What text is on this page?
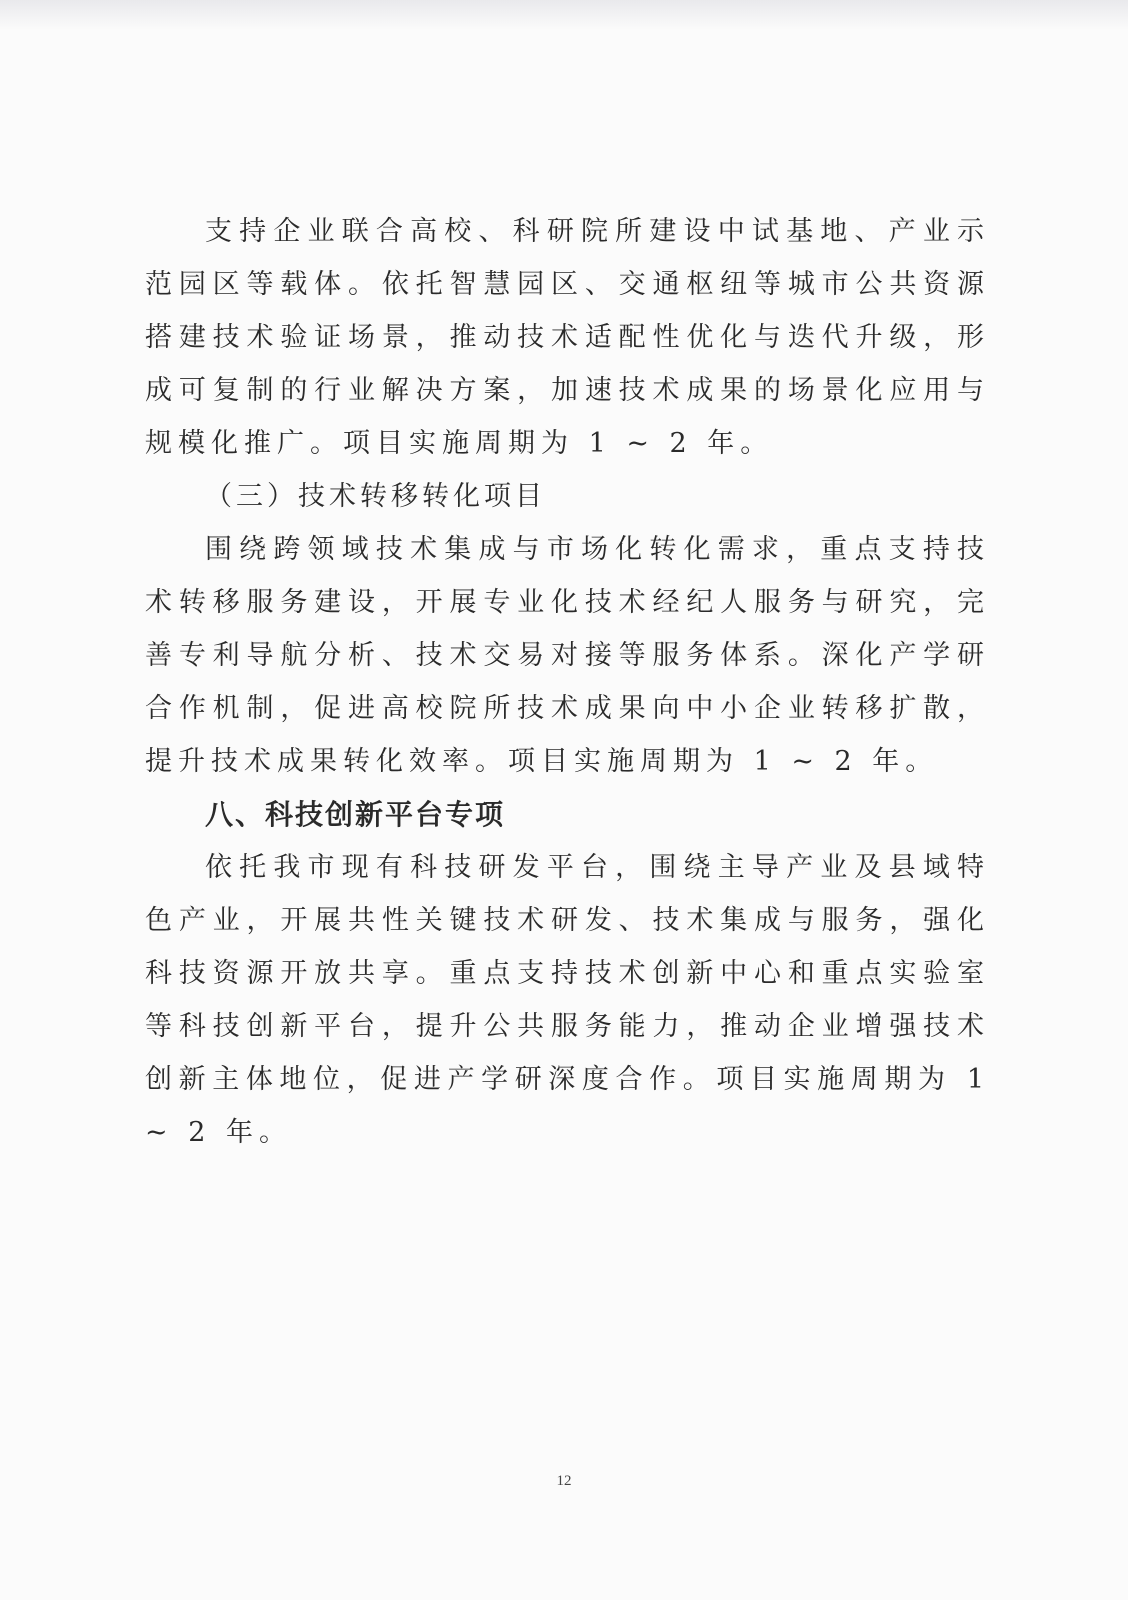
支持企业联合高校、科研院所建设中试基地、产业示范园区等载体。依托智慧园区、交通枢纽等城市公共资源搭建技术验证场景，推动技术适配性优化与迭代升级，形成可复制的行业解决方案，加速技术成果的场景化应用与规模化推广。项目实施周期为 1 ~ 2 年。

（三）技术转移转化项目

围绕跨领域技术集成与市场化转化需求，重点支持技术转移服务建设，开展专业化技术经纪人服务与研究，完善专利导航分析、技术交易对接等服务体系。深化产学研合作机制，促进高校院所技术成果向中小企业转移扩散，提升技术成果转化效率。项目实施周期为 1 ~ 2 年。

八、科技创新平台专项

依托我市现有科技研发平台，围绕主导产业及县域特色产业，开展共性关键技术研发、技术集成与服务，强化科技资源开放共享。重点支持技术创新中心和重点实验室等科技创新平台，提升公共服务能力，推动企业增强技术创新主体地位，促进产学研深度合作。项目实施周期为 1 ~ 2 年。

12
